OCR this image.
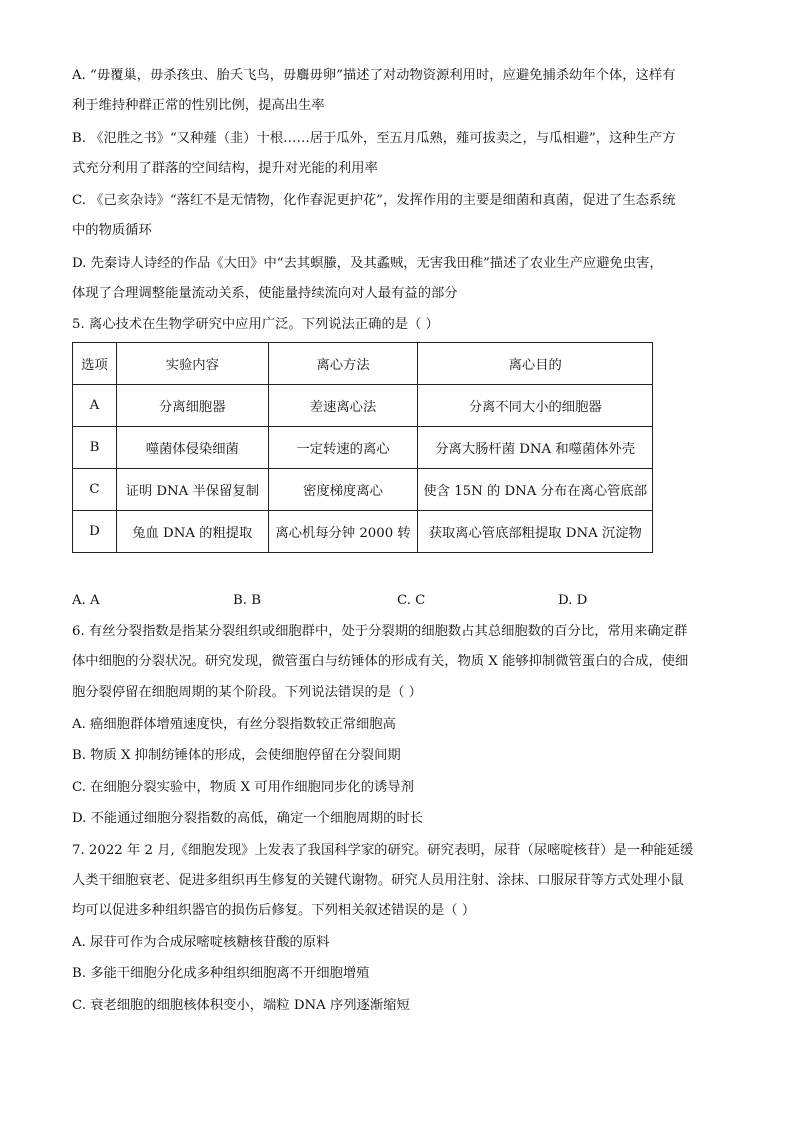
A. “毋覆巢，毋杀孩虫、胎夭飞鸟，毋麛毋卵”描述了对动物资源利用时，应避免捕杀幼年个体，这样有
利于维持种群正常的性别比例，提高出生率
B. 《氾胜之书》“又种薤（韭）十根……居于瓜外，至五月瓜熟，薤可拔卖之，与瓜相避”，这种生产方
式充分利用了群落的空间结构，提升对光能的利用率
C. 《己亥杂诗》“落红不是无情物，化作春泥更护花”，发挥作用的主要是细菌和真菌，促进了生态系统
中的物质循环
D. 先秦诗人诗经的作品《大田》中“去其螟螣，及其蟊贼，无害我田稚”描述了农业生产应避免虫害，
体现了合理调整能量流动关系，使能量持续流向对人最有益的部分
5. 离心技术在生物学研究中应用广泛。下列说法正确的是（ ）
选项	实验内容	离心方法	离心目的
A	分离细胞器	差速离心法	分离不同大小的细胞器
B	噬菌体侵染细菌	一定转速的离心	分离大肠杆菌 DNA 和噬菌体外壳
C	证明 DNA 半保留复制	密度梯度离心	使含 15N 的 DNA 分布在离心管底部
D	兔血 DNA 的粗提取	离心机每分钟 2000 转	获取离心管底部粗提取 DNA 沉淀物
A. A	B. B	C. C	D. D
6. 有丝分裂指数是指某分裂组织或细胞群中，处于分裂期的细胞数占其总细胞数的百分比，常用来确定群
体中细胞的分裂状况。研究发现，微管蛋白与纺锤体的形成有关，物质 X 能够抑制微管蛋白的合成，使细
胞分裂停留在细胞周期的某个阶段。下列说法错误的是（ ）
A. 癌细胞群体增殖速度快，有丝分裂指数较正常细胞高
B. 物质 X 抑制纺锤体的形成，会使细胞停留在分裂间期
C. 在细胞分裂实验中，物质 X 可用作细胞同步化的诱导剂
D. 不能通过细胞分裂指数的高低，确定一个细胞周期的时长
7. 2022 年 2 月,《细胞发现》上发表了我国科学家的研究。研究表明，尿苷（尿嘧啶核苷）是一种能延缓
人类干细胞衰老、促进多组织再生修复的关键代谢物。研究人员用注射、涂抹、口服尿苷等方式处理小鼠
均可以促进多种组织器官的损伤后修复。下列相关叙述错误的是（ ）
A. 尿苷可作为合成尿嘧啶核糖核苷酸的原料
B. 多能干细胞分化成多种组织细胞离不开细胞增殖
C. 衰老细胞的细胞核体积变小，端粒 DNA 序列逐渐缩短
